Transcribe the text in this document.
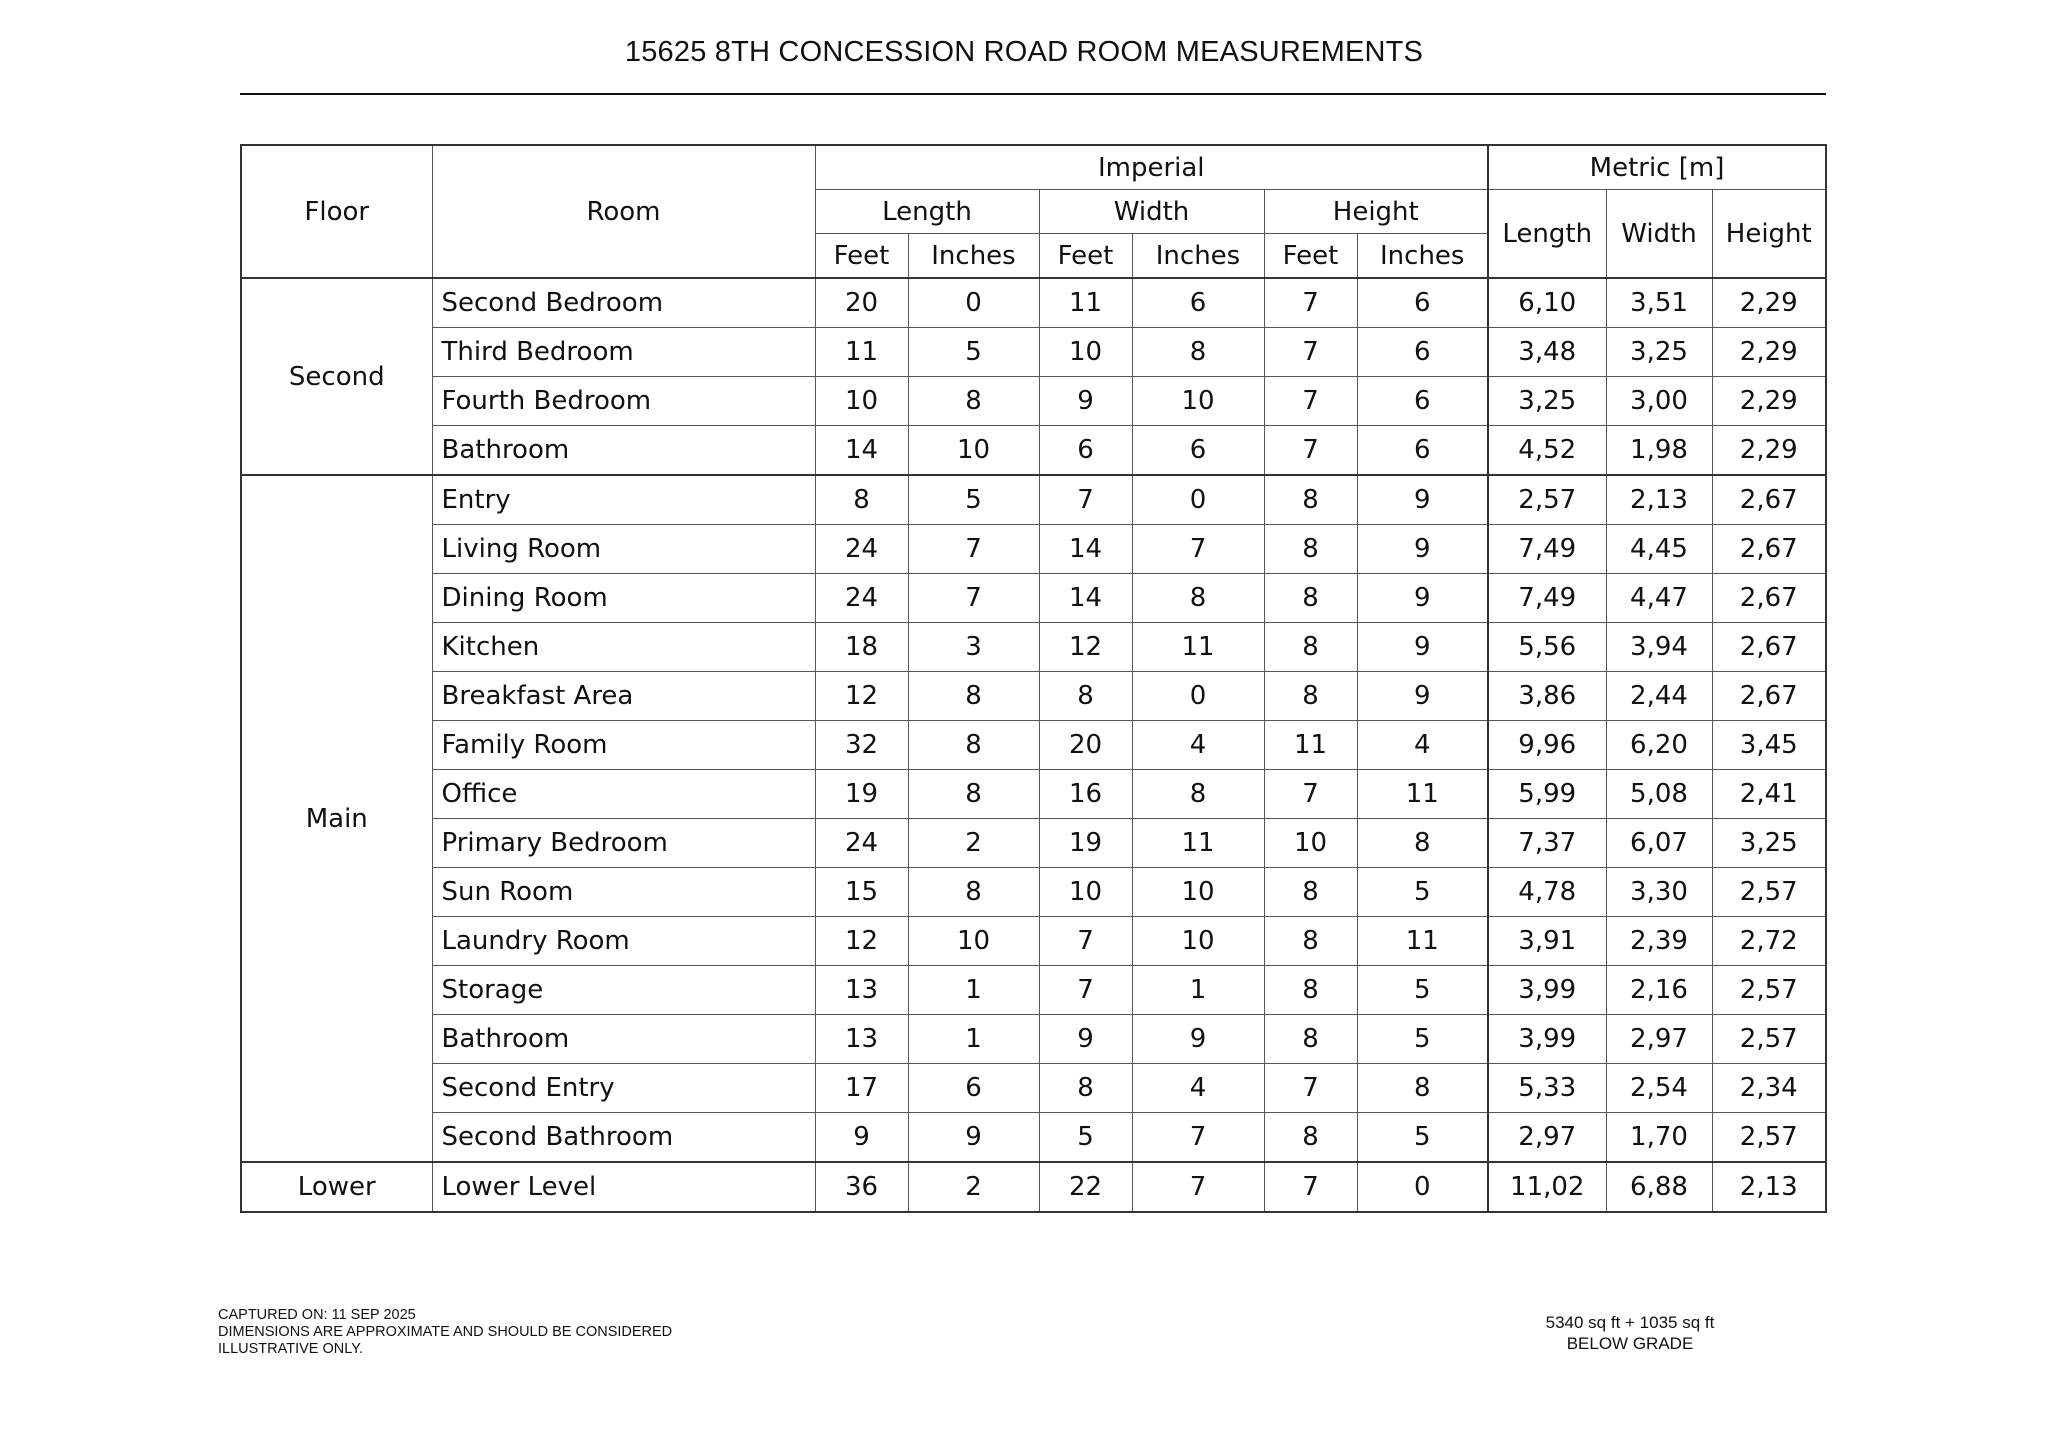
15625 8TH CONCESSION ROAD ROOM MEASUREMENTS
Floor	Room	Imperial						Metric [m]		
		Length		Width		Height		Length	Width	Height
		Feet	Inches	Feet	Inches	Feet	Inches			
Second	Second Bedroom	20	0	11	6	7	6	6,10	3,51	2,29
	Third Bedroom	11	5	10	8	7	6	3,48	3,25	2,29
	Fourth Bedroom	10	8	9	10	7	6	3,25	3,00	2,29
	Bathroom	14	10	6	6	7	6	4,52	1,98	2,29
Main	Entry	8	5	7	0	8	9	2,57	2,13	2,67
	Living Room	24	7	14	7	8	9	7,49	4,45	2,67
	Dining Room	24	7	14	8	8	9	7,49	4,47	2,67
	Kitchen	18	3	12	11	8	9	5,56	3,94	2,67
	Breakfast Area	12	8	8	0	8	9	3,86	2,44	2,67
	Family Room	32	8	20	4	11	4	9,96	6,20	3,45
	Office	19	8	16	8	7	11	5,99	5,08	2,41
	Primary Bedroom	24	2	19	11	10	8	7,37	6,07	3,25
	Sun Room	15	8	10	10	8	5	4,78	3,30	2,57
	Laundry Room	12	10	7	10	8	11	3,91	2,39	2,72
	Storage	13	1	7	1	8	5	3,99	2,16	2,57
	Bathroom	13	1	9	9	8	5	3,99	2,97	2,57
	Second Entry	17	6	8	4	7	8	5,33	2,54	2,34
	Second Bathroom	9	9	5	7	8	5	2,97	1,70	2,57
Lower	Lower Level	36	2	22	7	7	0	11,02	6,88	2,13
CAPTURED ON: 11 SEP 2025
DIMENSIONS ARE APPROXIMATE AND SHOULD BE CONSIDERED
ILLUSTRATIVE ONLY.
5340 sq ft + 1035 sq ft
BELOW GRADE
